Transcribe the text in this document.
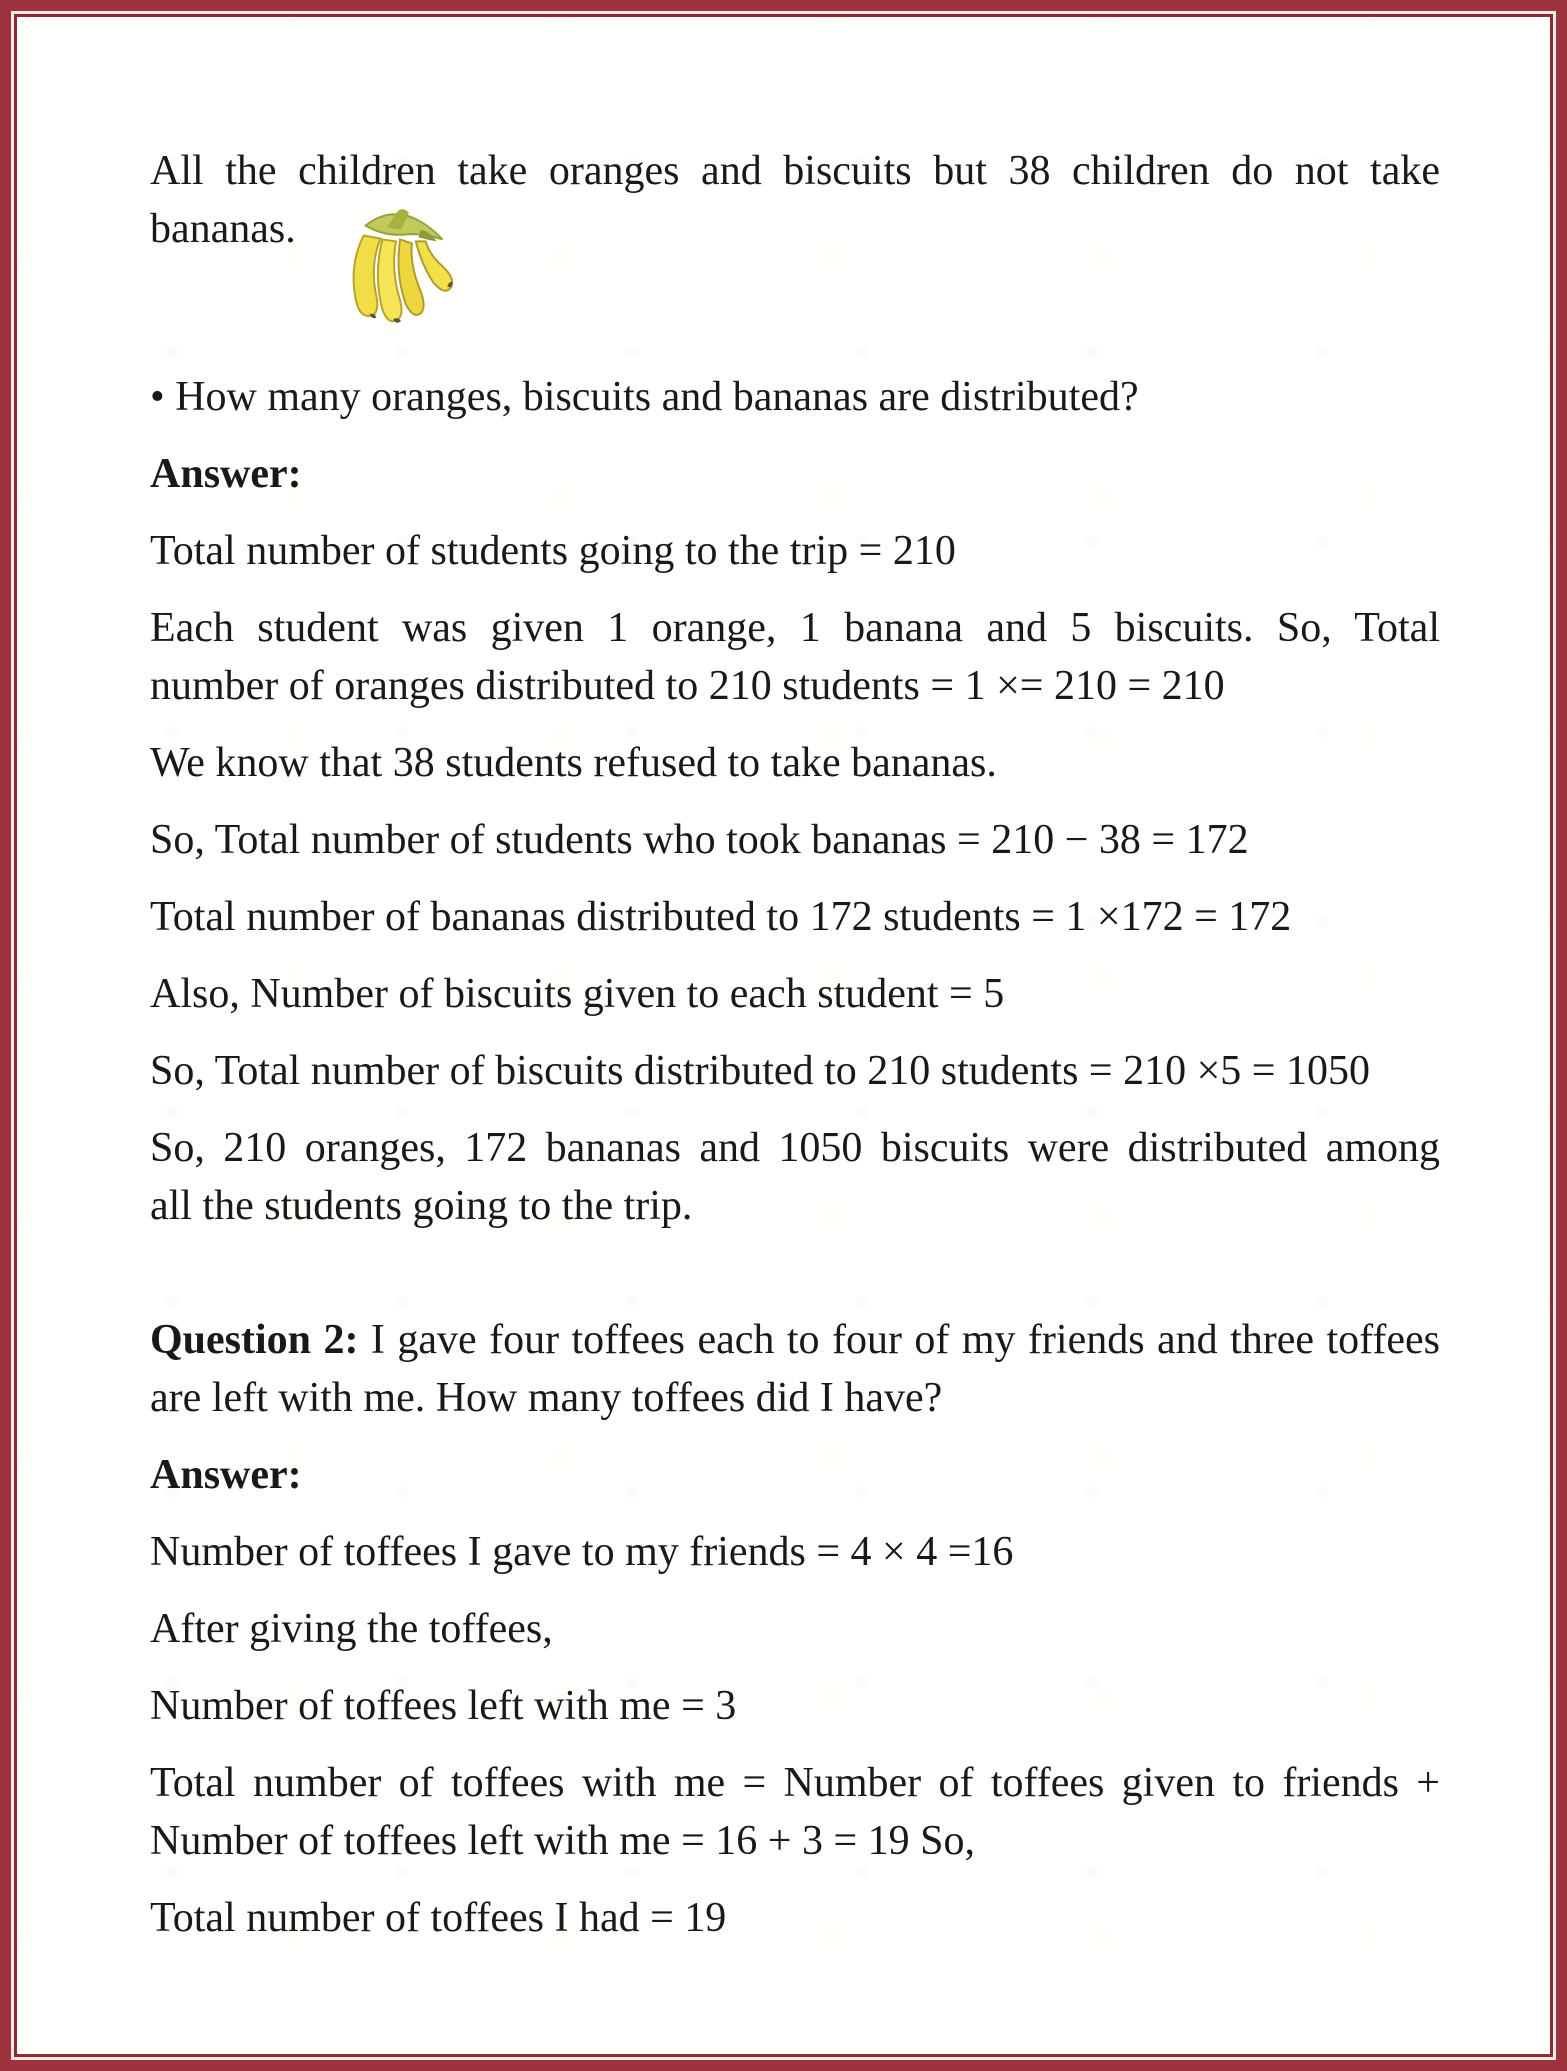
All the children take oranges and biscuits but 38 children do not take
bananas.
• How many oranges, biscuits and bananas are distributed?
Answer:
Total number of students going to the trip = 210
Each student was given 1 orange, 1 banana and 5 biscuits. So, Total
number of oranges distributed to 210 students = 1 ×= 210 = 210
We know that 38 students refused to take bananas.
So, Total number of students who took bananas = 210 − 38 = 172
Total number of bananas distributed to 172 students = 1 ×172 = 172
Also, Number of biscuits given to each student = 5
So, Total number of biscuits distributed to 210 students = 210 ×5 = 1050
So, 210 oranges, 172 bananas and 1050 biscuits were distributed among
all the students going to the trip.
Question 2: I gave four toffees each to four of my friends and three toffees
are left with me. How many toffees did I have?
Answer:
Number of toffees I gave to my friends = 4 × 4 =16
After giving the toffees,
Number of toffees left with me = 3
Total number of toffees with me = Number of toffees given to friends +
Number of toffees left with me = 16 + 3 = 19 So,
Total number of toffees I had = 19
